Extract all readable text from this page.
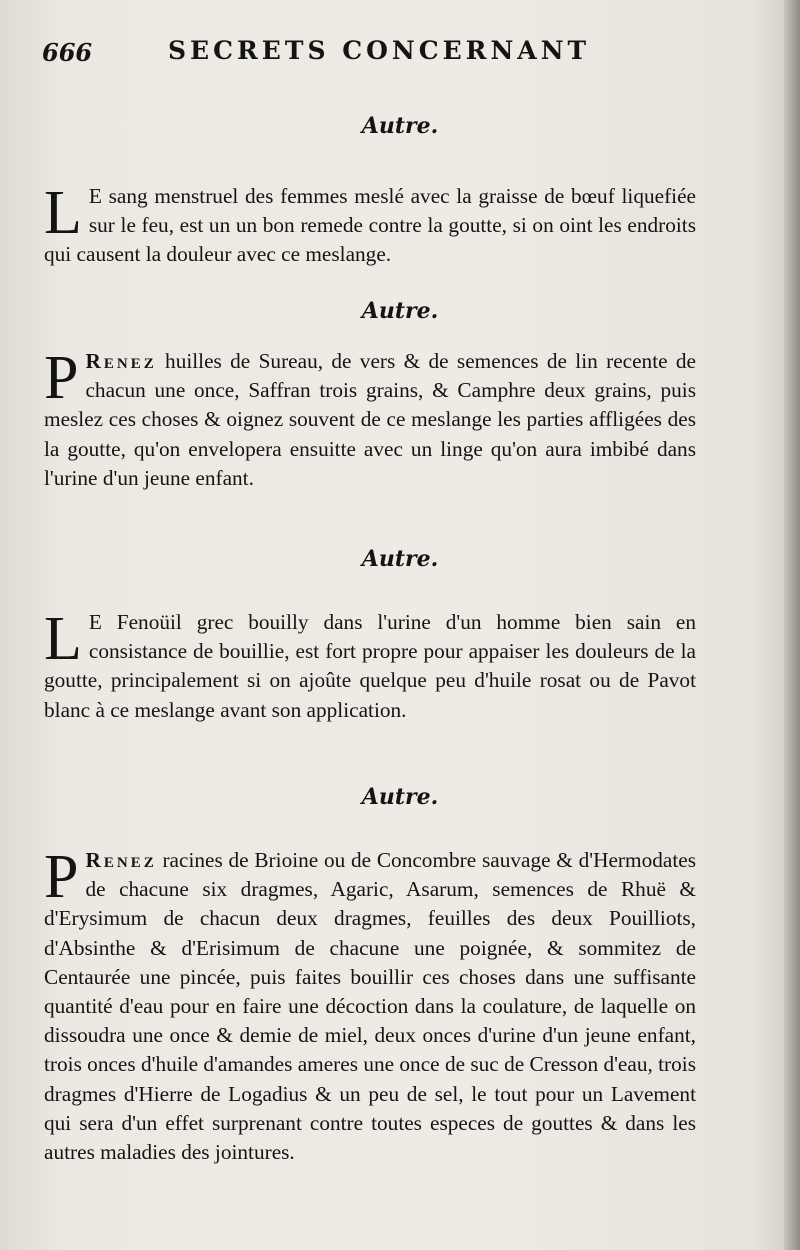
666	SECRETS CONCERNANT
Autre.

L E sang menstruel des femmes meslé avec la graisse de bœuf liquefiée sur le feu, est un un bon remede contre la goutte, si on oint les endroits qui causent la douleur avec ce meslange.

Autre.

P Renez huilles de Sureau, de vers & de semences de lin recente de chacun une once, Saffran trois grains, & Camphre deux grains, puis meslez ces choses & oignez souvent de ce meslange les parties affligées des la goutte, qu'on envelopera ensuitte avec un linge qu'on aura imbibé dans l'urine d'un jeune enfant.

Autre.

L E Fenoüil grec bouilly dans l'urine d'un homme bien sain en consistance de bouillie, est fort propre pour appaiser les douleurs de la goutte, principalement si on ajoûte quelque peu d'huile rosat ou de Pavot blanc à ce meslange avant son application.

Autre.

P Renez racines de Brioine ou de Concombre sauvage & d'Hermodates de chacune six dragmes, Agaric, Asarum, semences de Rhuë & d'Erysimum de chacun deux dragmes, feuilles des deux Pouilliots, d'Absinthe & d'Erisimum de chacune une poignée, & sommitez de Centaurée une pincée, puis faites bouillir ces choses dans une suffisante quantité d'eau pour en faire une décoction dans la coulature, de laquelle on dissoudra une once & demie de miel, deux onces d'urine d'un jeune enfant, trois onces d'huile d'amandes ameres une once de suc de Cresson d'eau, trois dragmes d'Hierre de Logadius & un peu de sel, le tout pour un Lavement qui sera d'un effet surprenant contre toutes especes de gouttes & dans les autres maladies des jointures.
